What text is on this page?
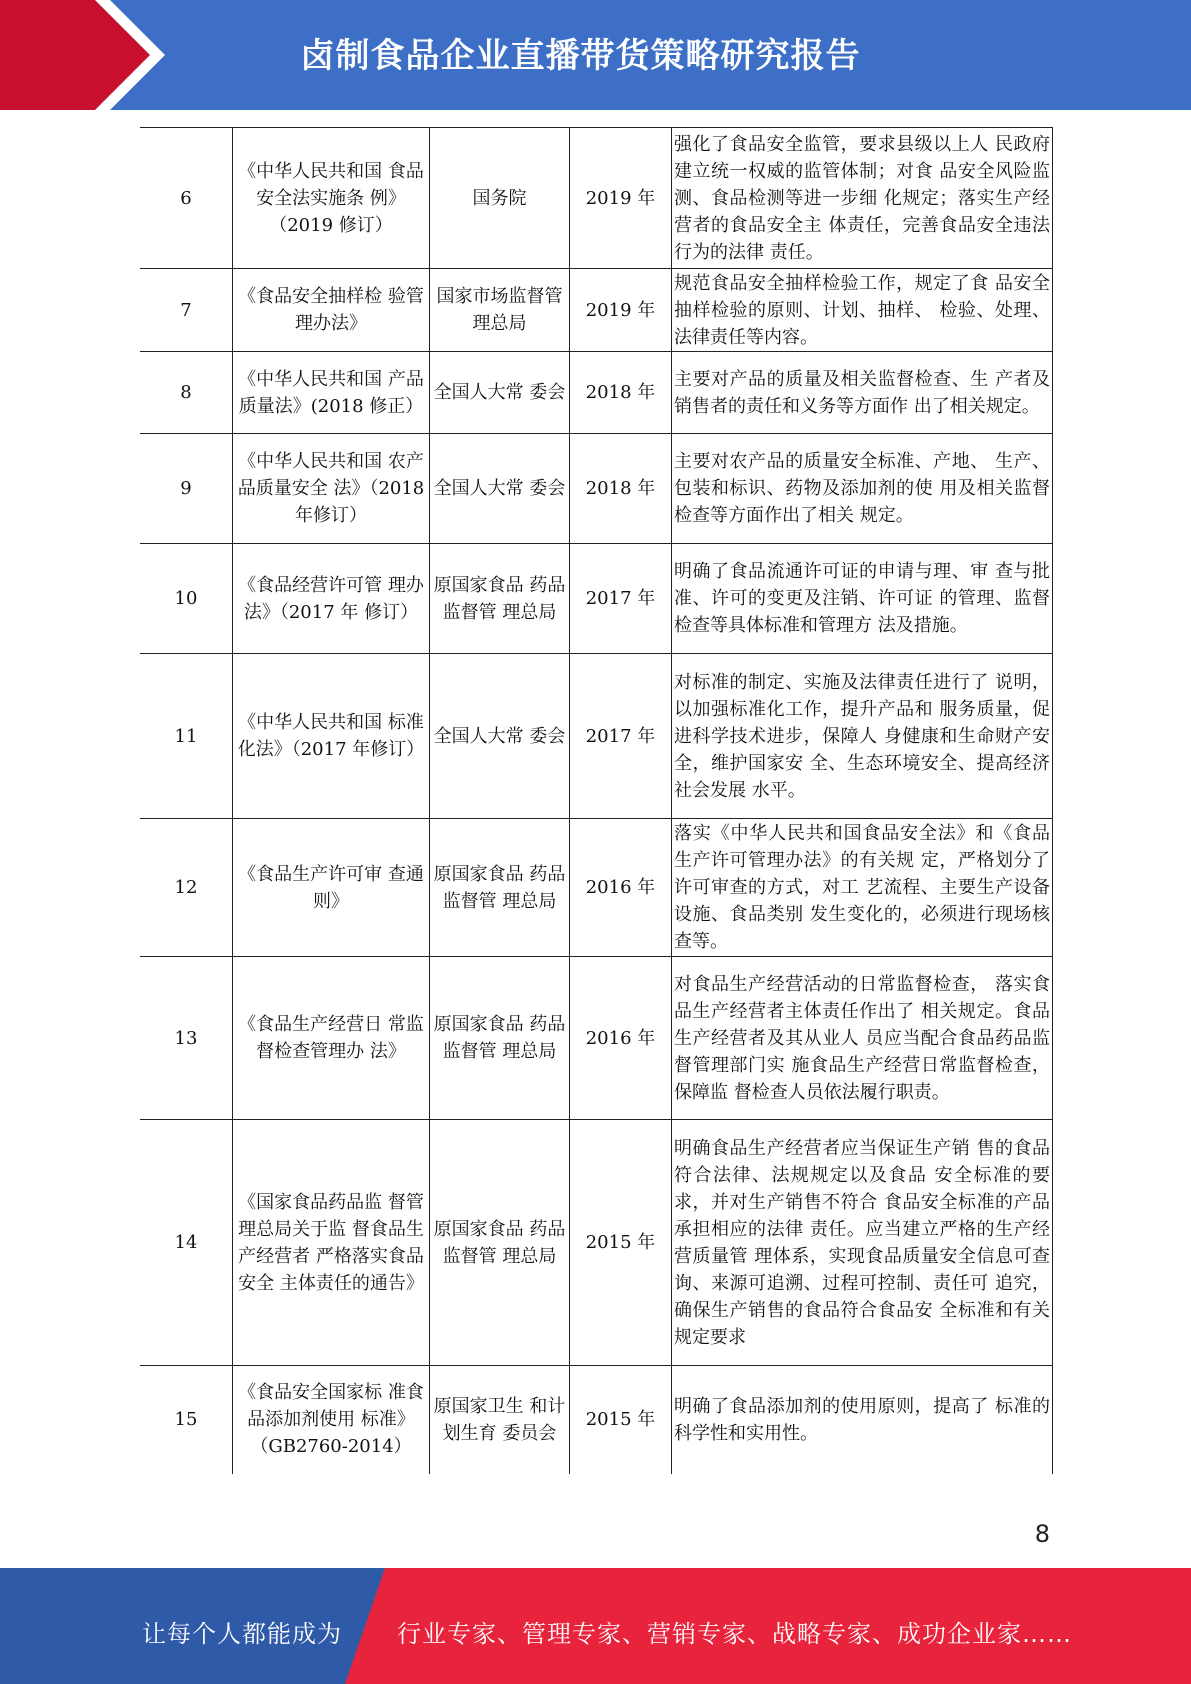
卤制食品企业直播带货策略研究报告
6	《中华人民共和国 食品安全法实施条 例》（2019 修订）	国务院	2019 年	强化了食品安全监管，要求县级以上人 民政府建立统一权威的监管体制；对食 品安全风险监测、食品检测等进一步细 化规定；落实生产经营者的食品安全主 体责任，完善食品安全违法行为的法律 责任。
7	《食品安全抽样检 验管理办法》	国家市场监督管理总局	2019 年	规范食品安全抽样检验工作，规定了食 品安全抽样检验的原则、计划、抽样、 检验、处理、法律责任等内容。
8	《中华人民共和国 产品质量法》(2018 修正）	全国人大常 委会	2018 年	主要对产品的质量及相关监督检查、生 产者及销售者的责任和义务等方面作 出了相关规定。
9	《中华人民共和国 农产品质量安全 法》（2018 年修订）	全国人大常 委会	2018 年	主要对农产品的质量安全标准、产地、 生产、包装和标识、药物及添加剂的使 用及相关监督检查等方面作出了相关 规定。
10	《食品经营许可管 理办法》（2017 年 修订）	原国家食品 药品监督管 理总局	2017 年	明确了食品流通许可证的申请与理、审 查与批准、许可的变更及注销、许可证 的管理、监督检查等具体标准和管理方 法及措施。
11	《中华人民共和国 标准化法》（2017 年修订）	全国人大常 委会	2017 年	对标准的制定、实施及法律责任进行了 说明，以加强标准化工作，提升产品和 服务质量，促进科学技术进步，保障人 身健康和生命财产安全，维护国家安 全、生态环境安全、提高经济社会发展 水平。
12	《食品生产许可审 查通则》	原国家食品 药品监督管 理总局	2016 年	落实《中华人民共和国食品安全法》和《食品生产许可管理办法》的有关规 定，严格划分了许可审查的方式，对工 艺流程、主要生产设备设施、食品类别 发生变化的，必须进行现场核查等。
13	《食品生产经营日 常监督检查管理办 法》	原国家食品 药品监督管 理总局	2016 年	对食品生产经营活动的日常监督检查， 落实食品生产经营者主体责任作出了 相关规定。食品生产经营者及其从业人 员应当配合食品药品监督管理部门实 施食品生产经营日常监督检查，保障监 督检查人员依法履行职责。
14	《国家食品药品监 督管理总局关于监 督食品生产经营者 严格落实食品安全 主体责任的通告》	原国家食品 药品监督管 理总局	2015 年	明确食品生产经营者应当保证生产销 售的食品符合法律、法规规定以及食品 安全标准的要求，并对生产销售不符合 食品安全标准的产品承担相应的法律 责任。应当建立严格的生产经营质量管 理体系，实现食品质量安全信息可查 询、来源可追溯、过程可控制、责任可 追究，确保生产销售的食品符合食品安 全标准和有关规定要求
15	《食品安全国家标 准食品添加剂使用 标准》（GB2760-2014）	原国家卫生 和计划生育 委员会	2015 年	明确了食品添加剂的使用原则，提高了 标准的科学性和实用性。
8
让每个人都能成为 行业专家、管理专家、营销专家、战略专家、成功企业家……
